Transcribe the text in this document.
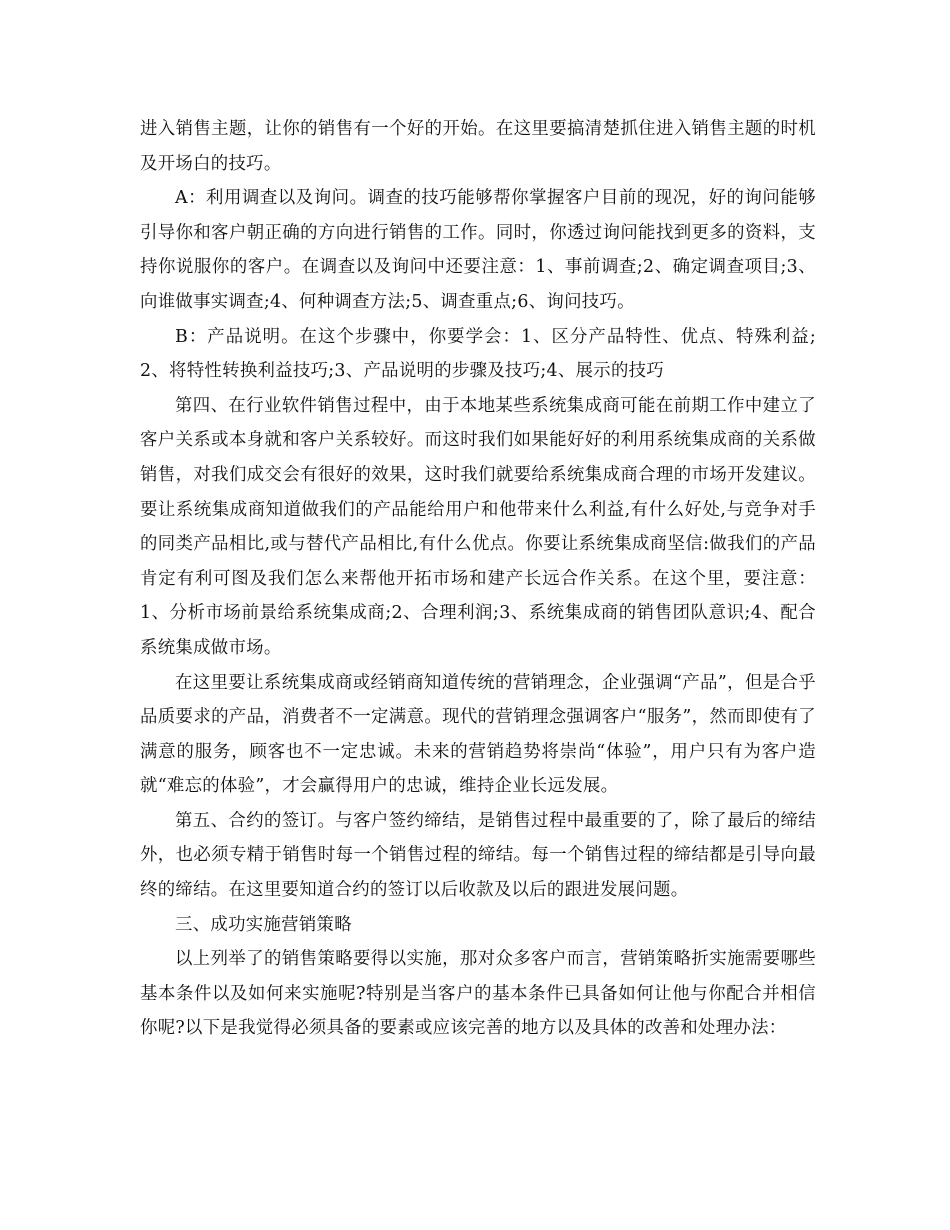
进入销售主题，让你的销售有一个好的开始。在这里要搞清楚抓住进入销售主题的时机及开场白的技巧。

A：利用调查以及询问。调查的技巧能够帮你掌握客户目前的现况，好的询问能够引导你和客户朝正确的方向进行销售的工作。同时，你透过询问能找到更多的资料，支持你说服你的客户。在调查以及询问中还要注意：1、事前调查;2、确定调查项目;3、向谁做事实调查;4、何种调查方法;5、调查重点;6、询问技巧。

B：产品说明。在这个步骤中，你要学会：1、区分产品特性、优点、特殊利益;2、将特性转换利益技巧;3、产品说明的步骤及技巧;4、展示的技巧

第四、在行业软件销售过程中，由于本地某些系统集成商可能在前期工作中建立了客户关系或本身就和客户关系较好。而这时我们如果能好好的利用系统集成商的关系做销售，对我们成交会有很好的效果，这时我们就要给系统集成商合理的市场开发建议。要让系统集成商知道做我们的产品能给用户和他带来什么利益,有什么好处,与竞争对手的同类产品相比,或与替代产品相比,有什么优点。你要让系统集成商坚信:做我们的产品肯定有利可图及我们怎么来帮他开拓市场和建产长远合作关系。在这个里，要注意：1、分析市场前景给系统集成商;2、合理利润;3、系统集成商的销售团队意识;4、配合系统集成做市场。

在这里要让系统集成商或经销商知道传统的营销理念，企业强调“产品”，但是合乎品质要求的产品，消费者不一定满意。现代的营销理念强调客户“服务”，然而即使有了满意的服务，顾客也不一定忠诚。未来的营销趋势将崇尚“体验”，用户只有为客户造就“难忘的体验”，才会赢得用户的忠诚，维持企业长远发展。

第五、合约的签订。与客户签约缔结，是销售过程中最重要的了，除了最后的缔结外，也必须专精于销售时每一个销售过程的缔结。每一个销售过程的缔结都是引导向最终的缔结。在这里要知道合约的签订以后收款及以后的跟进发展问题。

三、成功实施营销策略

以上列举了的销售策略要得以实施，那对众多客户而言，营销策略折实施需要哪些基本条件以及如何来实施呢?特别是当客户的基本条件已具备如何让他与你配合并相信你呢?以下是我觉得必须具备的要素或应该完善的地方以及具体的改善和处理办法：
